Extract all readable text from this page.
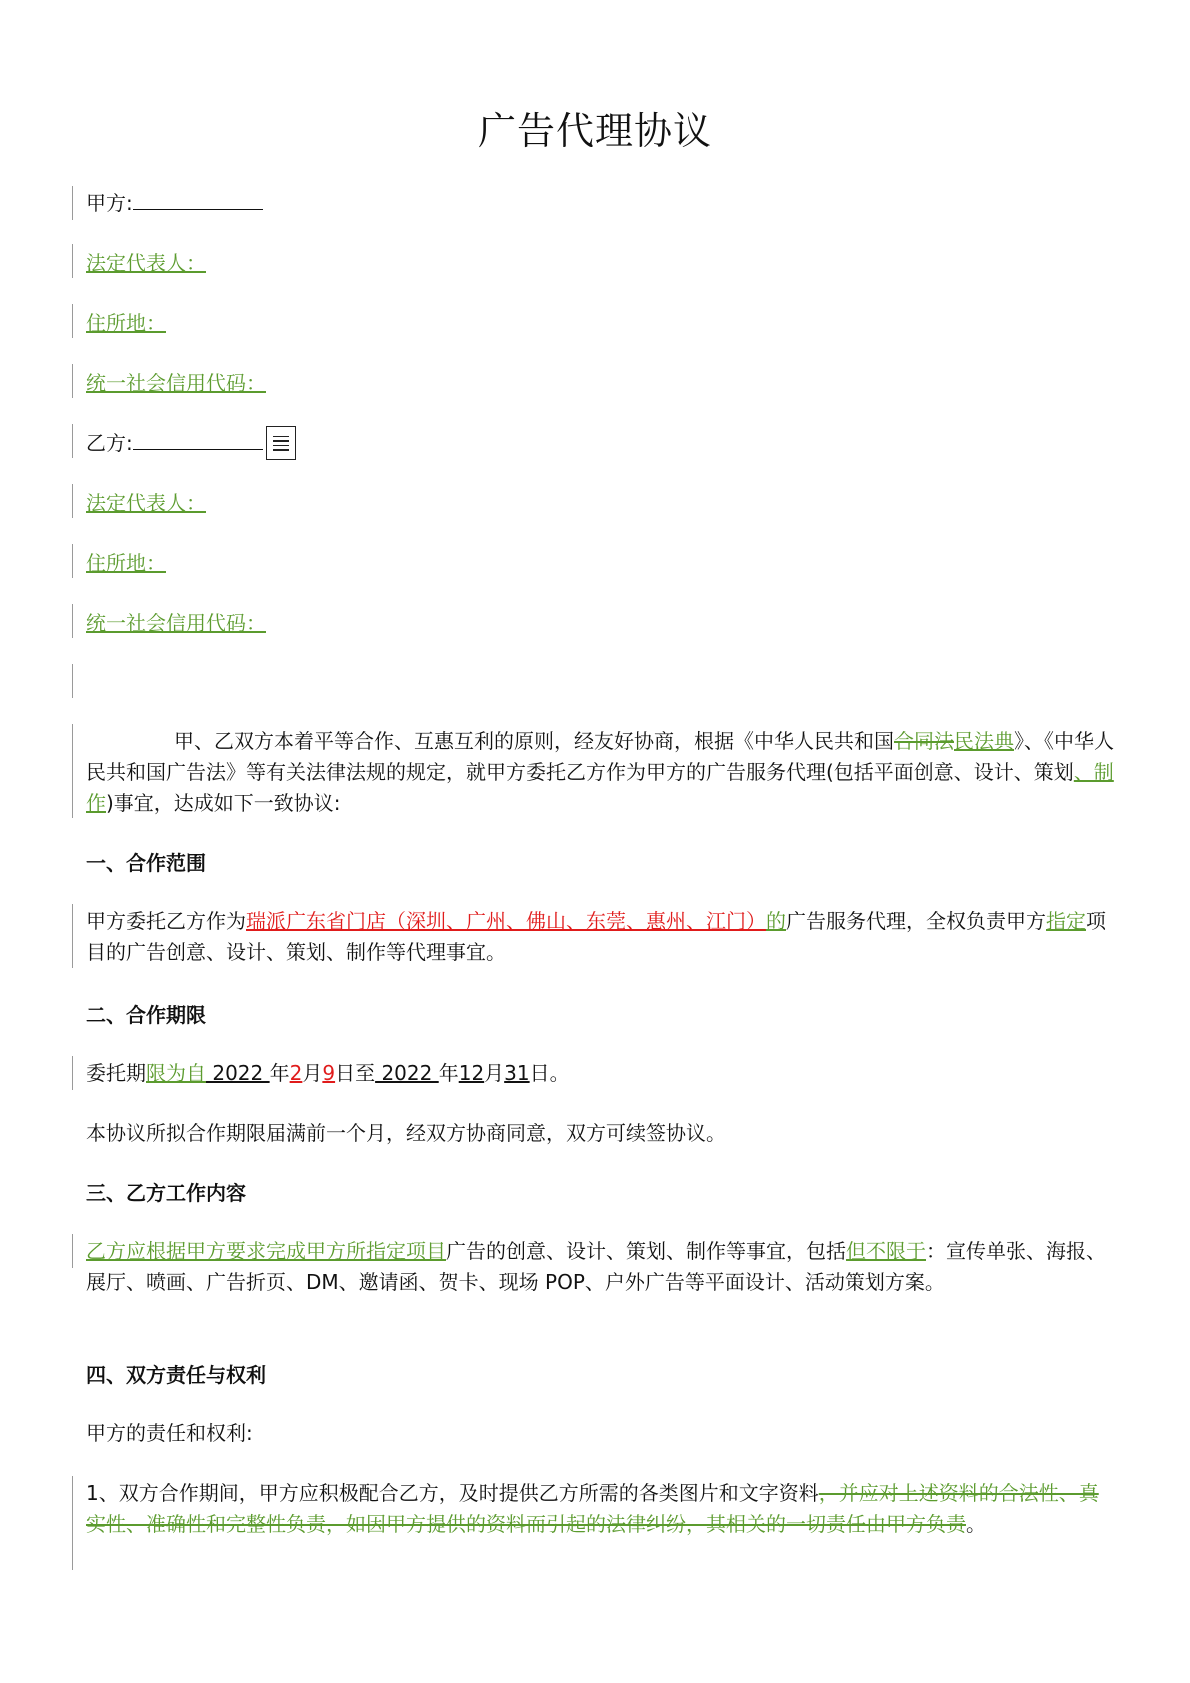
广告代理协议
甲方:
法定代表人：
住所地：
统一社会信用代码：
乙方:
法定代表人：
住所地：
统一社会信用代码：
甲、乙双方本着平等合作、互惠互利的原则，经友好协商，根据《中华人民共和国合同法民法典》、《中华人民共和国广告法》等有关法律法规的规定，就甲方委托乙方作为甲方的广告服务代理(包括平面创意、设计、策划、制作)事宜，达成如下一致协议:
一、合作范围
甲方委托乙方作为瑞派广东省门店（深圳、广州、佛山、东莞、惠州、江门）的广告服务代理，全权负责甲方指定项目的广告创意、设计、策划、制作等代理事宜。
二、合作期限
委托期限为自 2022 年2月9日至 2022 年12月31日。
本协议所拟合作期限届满前一个月，经双方协商同意，双方可续签协议。
三、乙方工作内容
乙方应根据甲方要求完成甲方所指定项目广告的创意、设计、策划、制作等事宜，包括但不限于：宣传单张、海报、展厅、喷画、广告折页、DM、邀请函、贺卡、现场 POP、户外广告等平面设计、活动策划方案。
四、双方责任与权利
甲方的责任和权利:
1、双方合作期间，甲方应积极配合乙方，及时提供乙方所需的各类图片和文字资料，并应对上述资料的合法性、真实性、准确性和完整性负责，如因甲方提供的资料而引起的法律纠纷，其相关的一切责任由甲方负责。
